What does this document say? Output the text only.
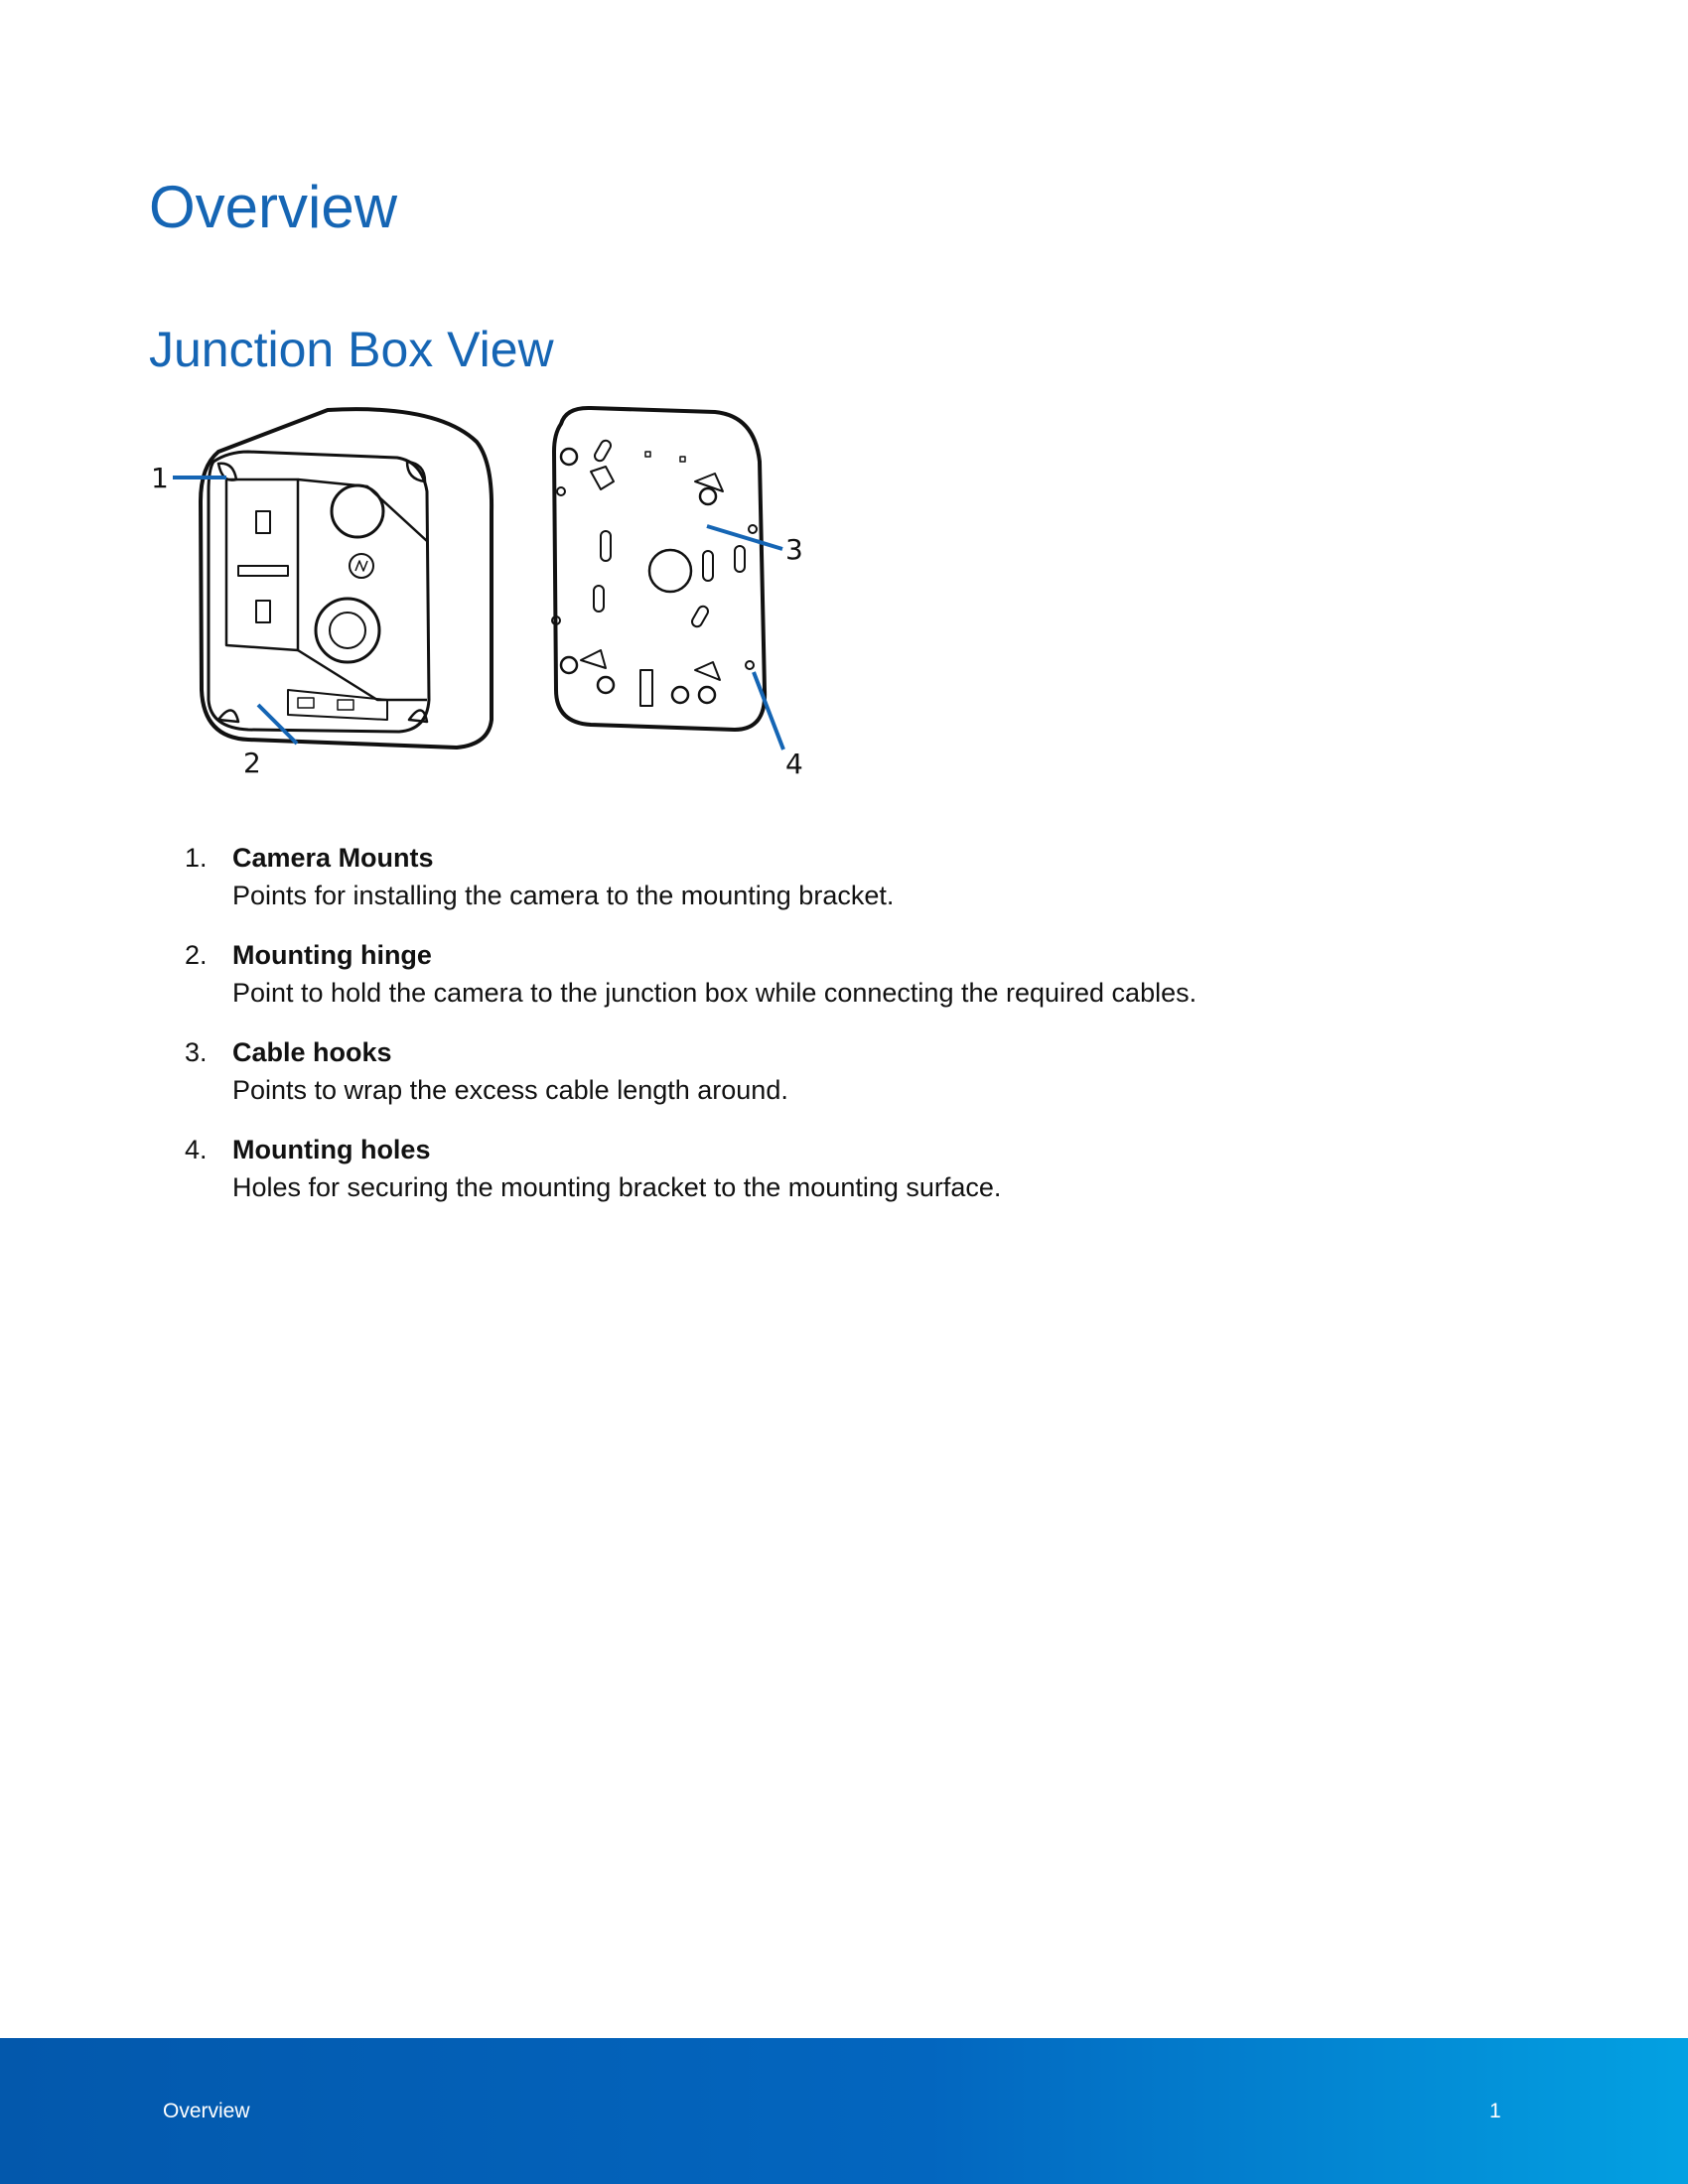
Overview
Junction Box View
1
2
3
4
1. Camera Mounts
Points for installing the camera to the mounting bracket.
2. Mounting hinge
Point to hold the camera to the junction box while connecting the required cables.
3. Cable hooks
Points to wrap the excess cable length around.
4. Mounting holes
Holes for securing the mounting bracket to the mounting surface.
Overview	1
